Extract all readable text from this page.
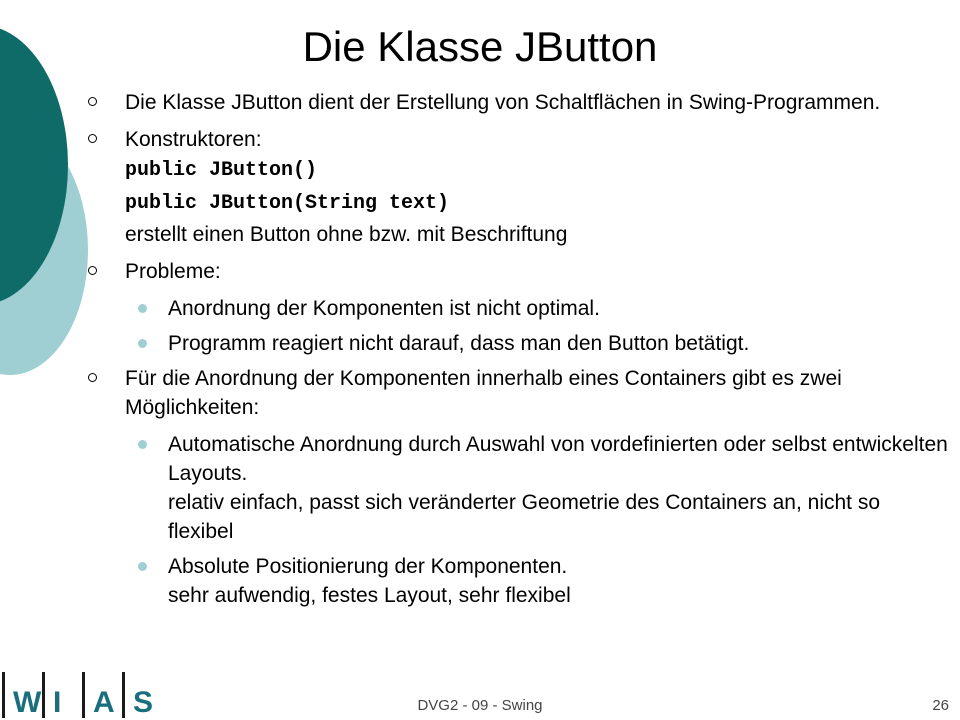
Die Klasse JButton
Die Klasse JButton dient der Erstellung von Schaltflächen in Swing-Programmen.
Konstruktoren:
public JButton()
public JButton(String text)
erstellt einen Button ohne bzw. mit Beschriftung
Probleme:
Anordnung der Komponenten ist nicht optimal.
Programm reagiert nicht darauf, dass man den Button betätigt.
Für die Anordnung der Komponenten innerhalb eines Containers gibt es zwei Möglichkeiten:
Automatische Anordnung durch Auswahl von vordefinierten oder selbst entwickelten Layouts.
relativ einfach, passt sich veränderter Geometrie des Containers an, nicht so flexibel
Absolute Positionierung der Komponenten.
sehr aufwendig, festes Layout, sehr flexibel
W I A S	DVG2 - 09 - Swing	26
